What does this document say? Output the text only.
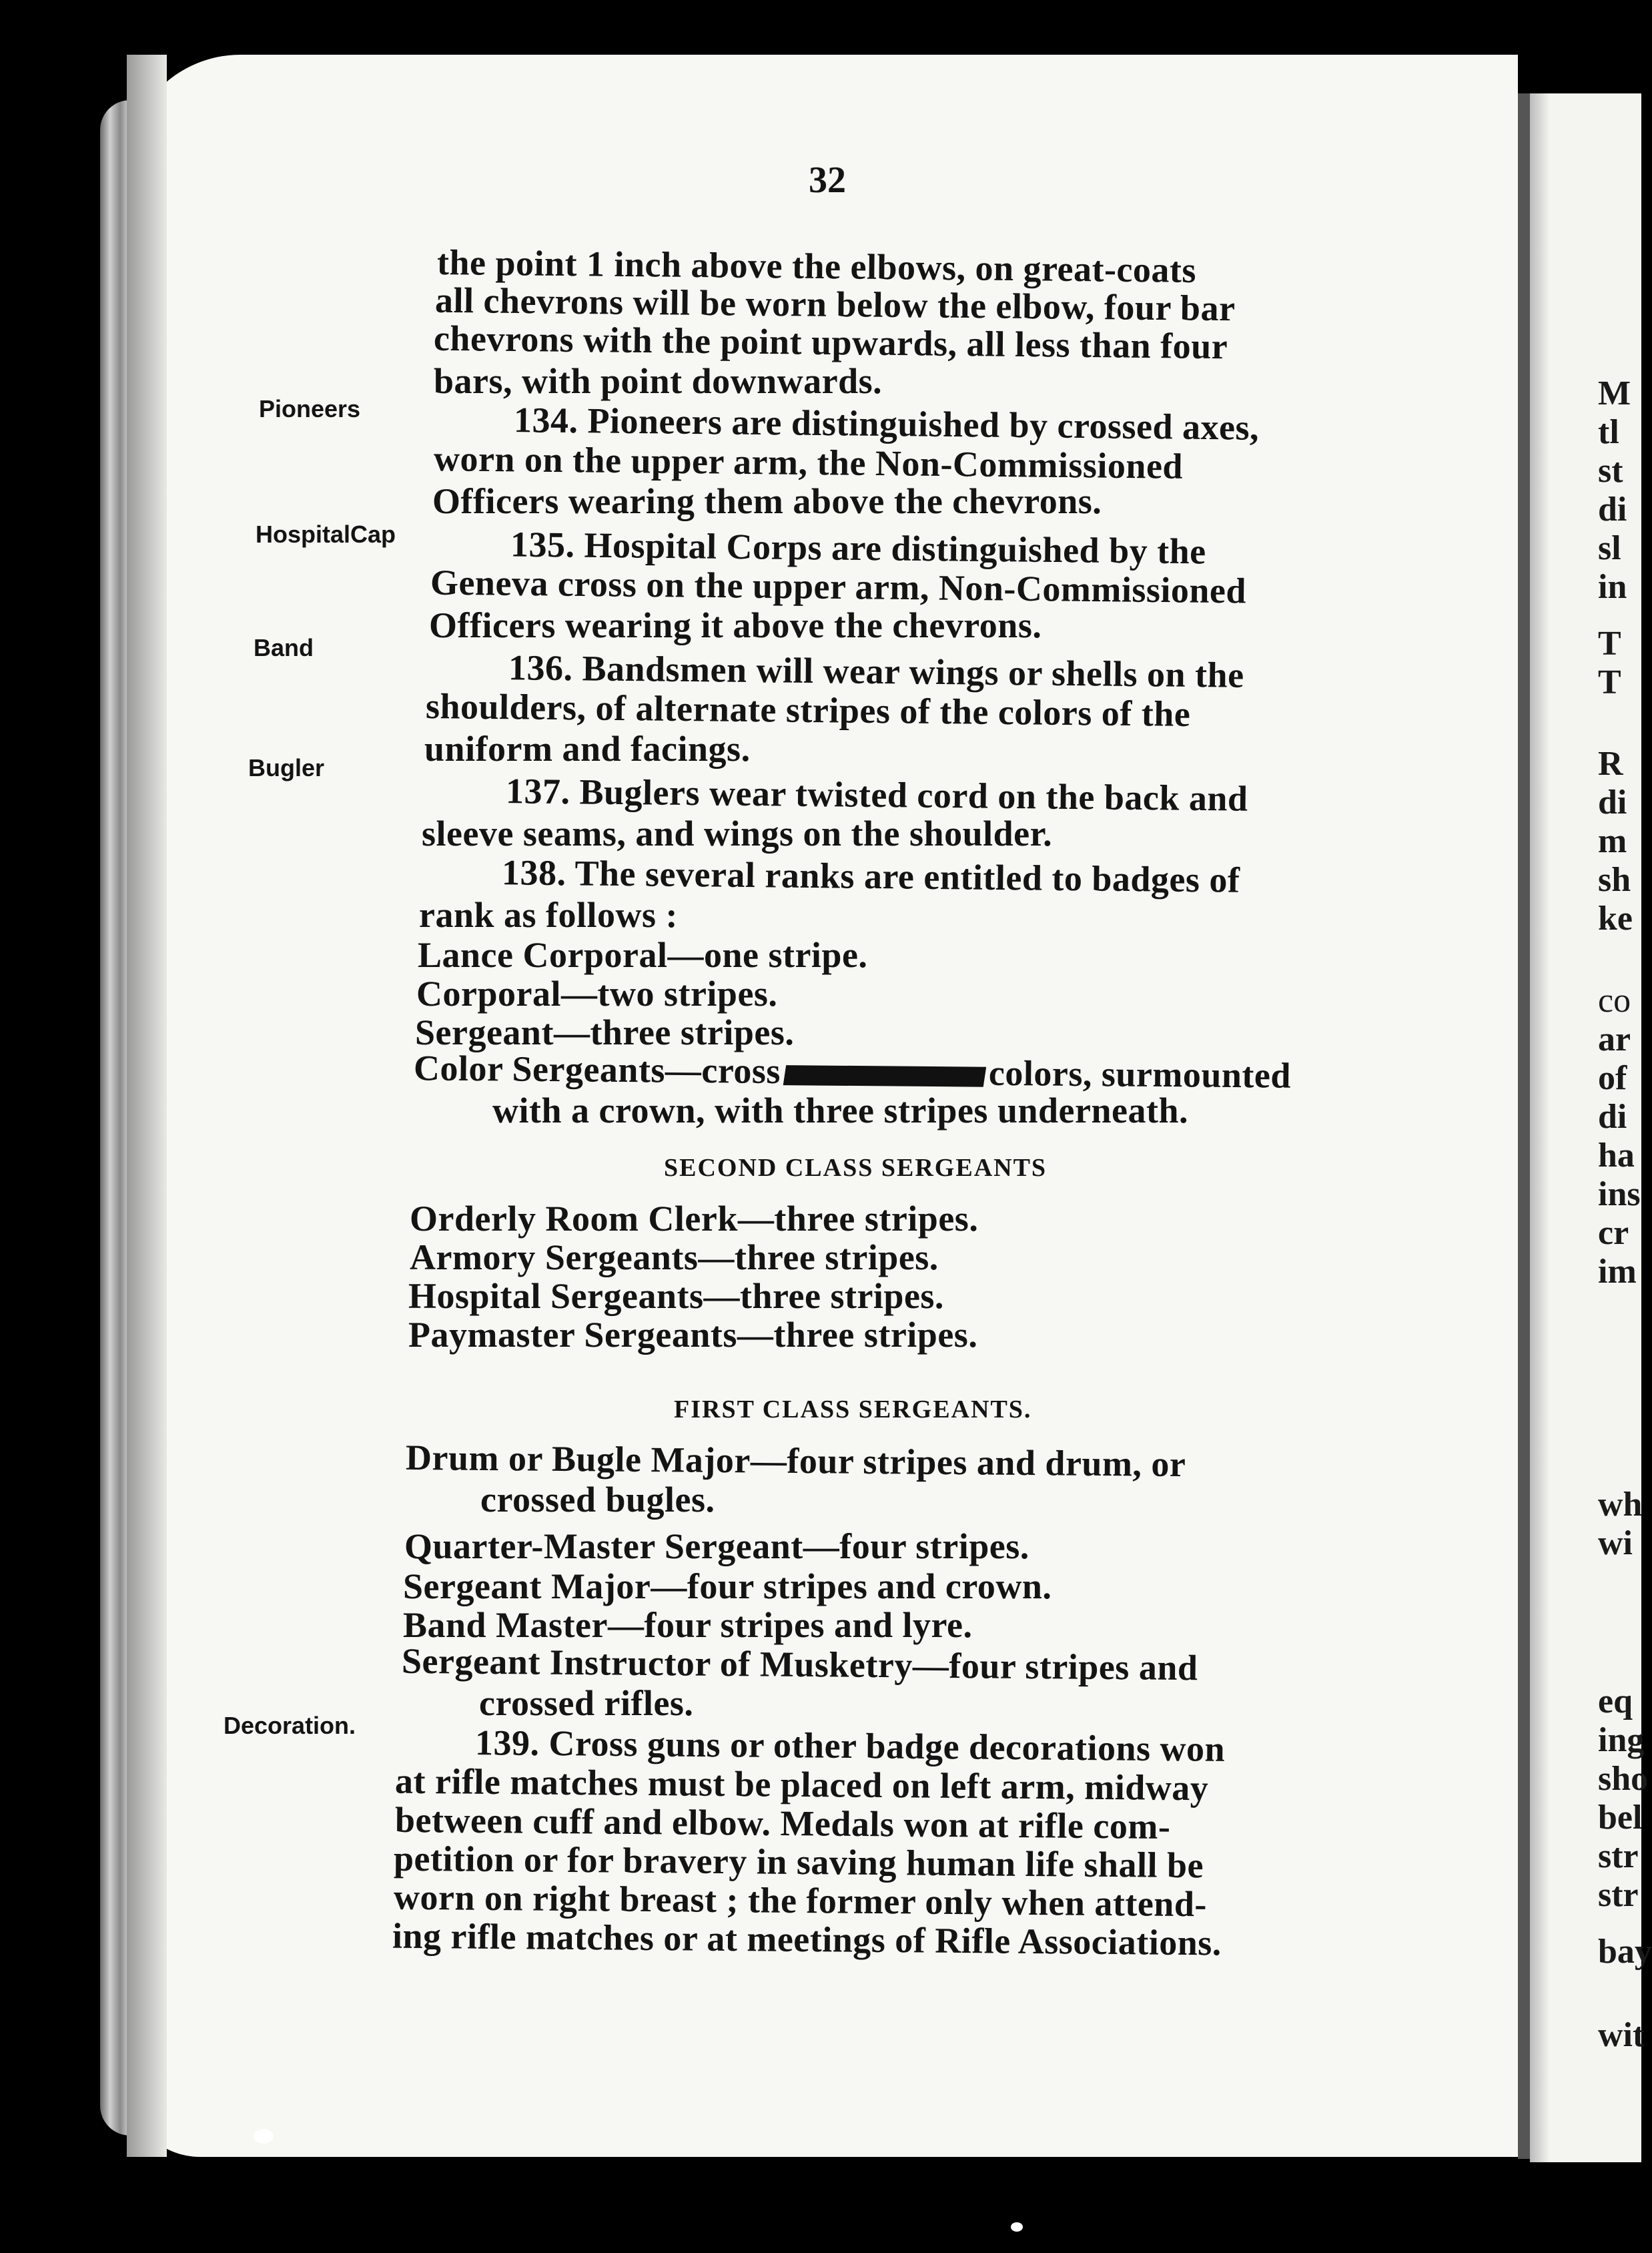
M
tl
st
di
sl
in
T
T
R
di
m
sh
ke
co
ar
of
di
ha
ins
cr
im
wh
wi
eq
ing
sho
bel
str
str
bay
wit
32
Pioneers
HospitalCap
Band
Bugler
Decoration.
the point 1 inch above the elbows, on great-coats
all chevrons will be worn below the elbow, four bar
chevrons with the point upwards, all less than four
bars, with point downwards.
134. Pioneers are distinguished by crossed axes,
worn on the upper arm, the Non-Commissioned
Officers wearing them above the chevrons.
135. Hospital Corps are distinguished by the
Geneva cross on the upper arm, Non-Commissioned
Officers wearing it above the chevrons.
136. Bandsmen will wear wings or shells on the
shoulders, of alternate stripes of the colors of the
uniform and facings.
137. Buglers wear twisted cord on the back and
sleeve seams, and wings on the shoulder.
138. The several ranks are entitled to badges of
rank as follows :
Lance Corporal—one stripe.
Corporal—two stripes.
Sergeant—three stripes.
Color Sergeants—cross	colors, surmounted
with a crown, with three stripes underneath.
SECOND CLASS SERGEANTS
Orderly Room Clerk—three stripes.
Armory Sergeants—three stripes.
Hospital Sergeants—three stripes.
Paymaster Sergeants—three stripes.
FIRST CLASS SERGEANTS.
Drum or Bugle Major—four stripes and drum, or
crossed bugles.
Quarter-Master Sergeant—four stripes.
Sergeant Major—four stripes and crown.
Band Master—four stripes and lyre.
Sergeant Instructor of Musketry—four stripes and
crossed rifles.
139. Cross guns or other badge decorations won
at rifle matches must be placed on left arm, midway
between cuff and elbow. Medals won at rifle com-
petition or for bravery in saving human life shall be
worn on right breast ; the former only when attend-
ing rifle matches or at meetings of Rifle Associations.
